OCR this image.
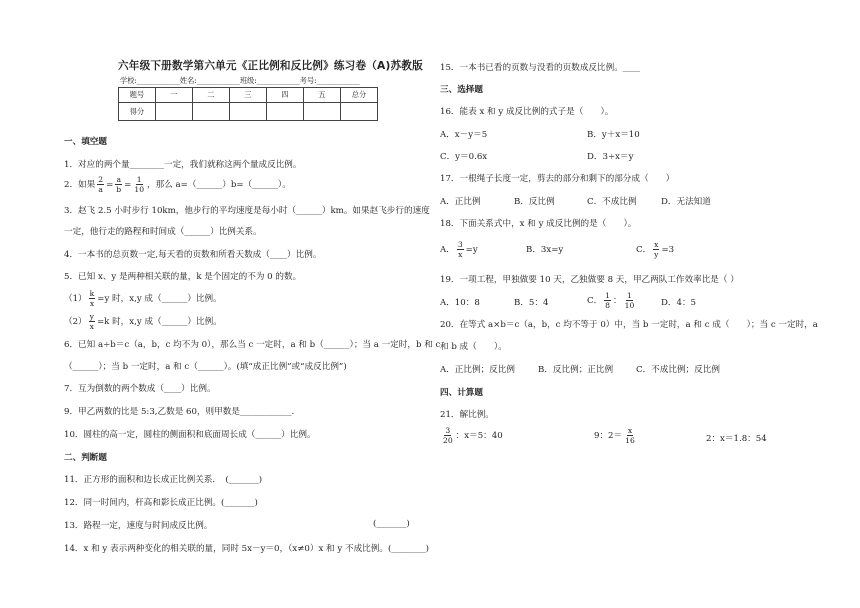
六年级下册数学第六单元《正比例和反比例》练习卷（A)苏教版
学校:____________姓名:____________班级:____________考号:____________
题号	一	二	三	四	五	总分
得分						
一、填空题
1．对应的两个量________一定，我们就称这两个量成反比例。
2．如果 $\frac{2}{a} = \frac{a}{b} = \frac{1}{10}$ ，那么 a=（______）b=（______）。
3．赵飞 2.5 小时步行 10km，他步行的平均速度是每小时（______）km。如果赵飞步行的速度
一定，他行走的路程和时间成（______）比例关系。
4．一本书的总页数一定,每天看的页数和所看天数成（____）比例。
5．已知 x、y 是两种相关联的量，k 是个固定的不为 0 的数。
$(1) \frac{k}{x} =y$ 时，x,y 成（______）比例。
$(2) \frac{y}{x} =k$ 时，x,y 成（______）比例。
6．已知 a÷b＝c（a，b，c 均不为 0），那么当 c 一定时，a 和 b（______）；当 a 一定时，b 和 c
（______）；当 b 一定时，a 和 c（______）。(填“成正比例”或“成反比例”)
7．互为倒数的两个数成（____）比例。
9．甲乙两数的比是 5:3,乙数是 60，则甲数是____________.
10．圆柱的高一定，圆柱的侧面积和底面周长成（______）比例。
二、判断题
11．正方形的面积和边长成正比例关系．　(_______)
12．同一时间内，杆高和影长成正比例。(_______)
13．路程一定，速度与时间成反比例。	(_______)
14．x 和 y 表示两种变化的相关联的量，同时 5x－y＝0，（x≠0）x 和 y 不成比例。(________)
15．一本书已看的页数与没看的页数成反比例。____
三、选择题
16．能表 x 和 y 成反比例的式子是（　　）。
A．x－y＝5	B．y＋x＝10
C．y＝0.6x	D．3÷x＝y
17．一根绳子长度一定，剪去的部分和剩下的部分成（　　）
A．正比例	B．反比例	C．不成比例	D．无法知道
18．下面关系式中，x 和 y 成反比例的是（　　）。
A． $\frac{3}{x} =y$	B．3x=y	C． $\frac{x}{y} =3$
19．一项工程，甲独做要 10 天，乙独做要 8 天，甲乙两队工作效率比是（ ）
A．10：8	B．5：4	C． $\frac{1}{8}$ ： $\frac{1}{10}$	D．4：5
20．在等式 a×b＝c（a，b，c 均不等于 0）中，当 b 一定时，a 和 c 成（　　）；当 c 一定时，a
和 b 成（　　）。
A．正比例；反比例	B．反比例；正比例	C．不成比例；反比例
四、计算题
21．解比例。
$\frac{3}{20}$ ：x＝5：40	9：$2= \frac{x}{16}$	2：x＝1.8：54
